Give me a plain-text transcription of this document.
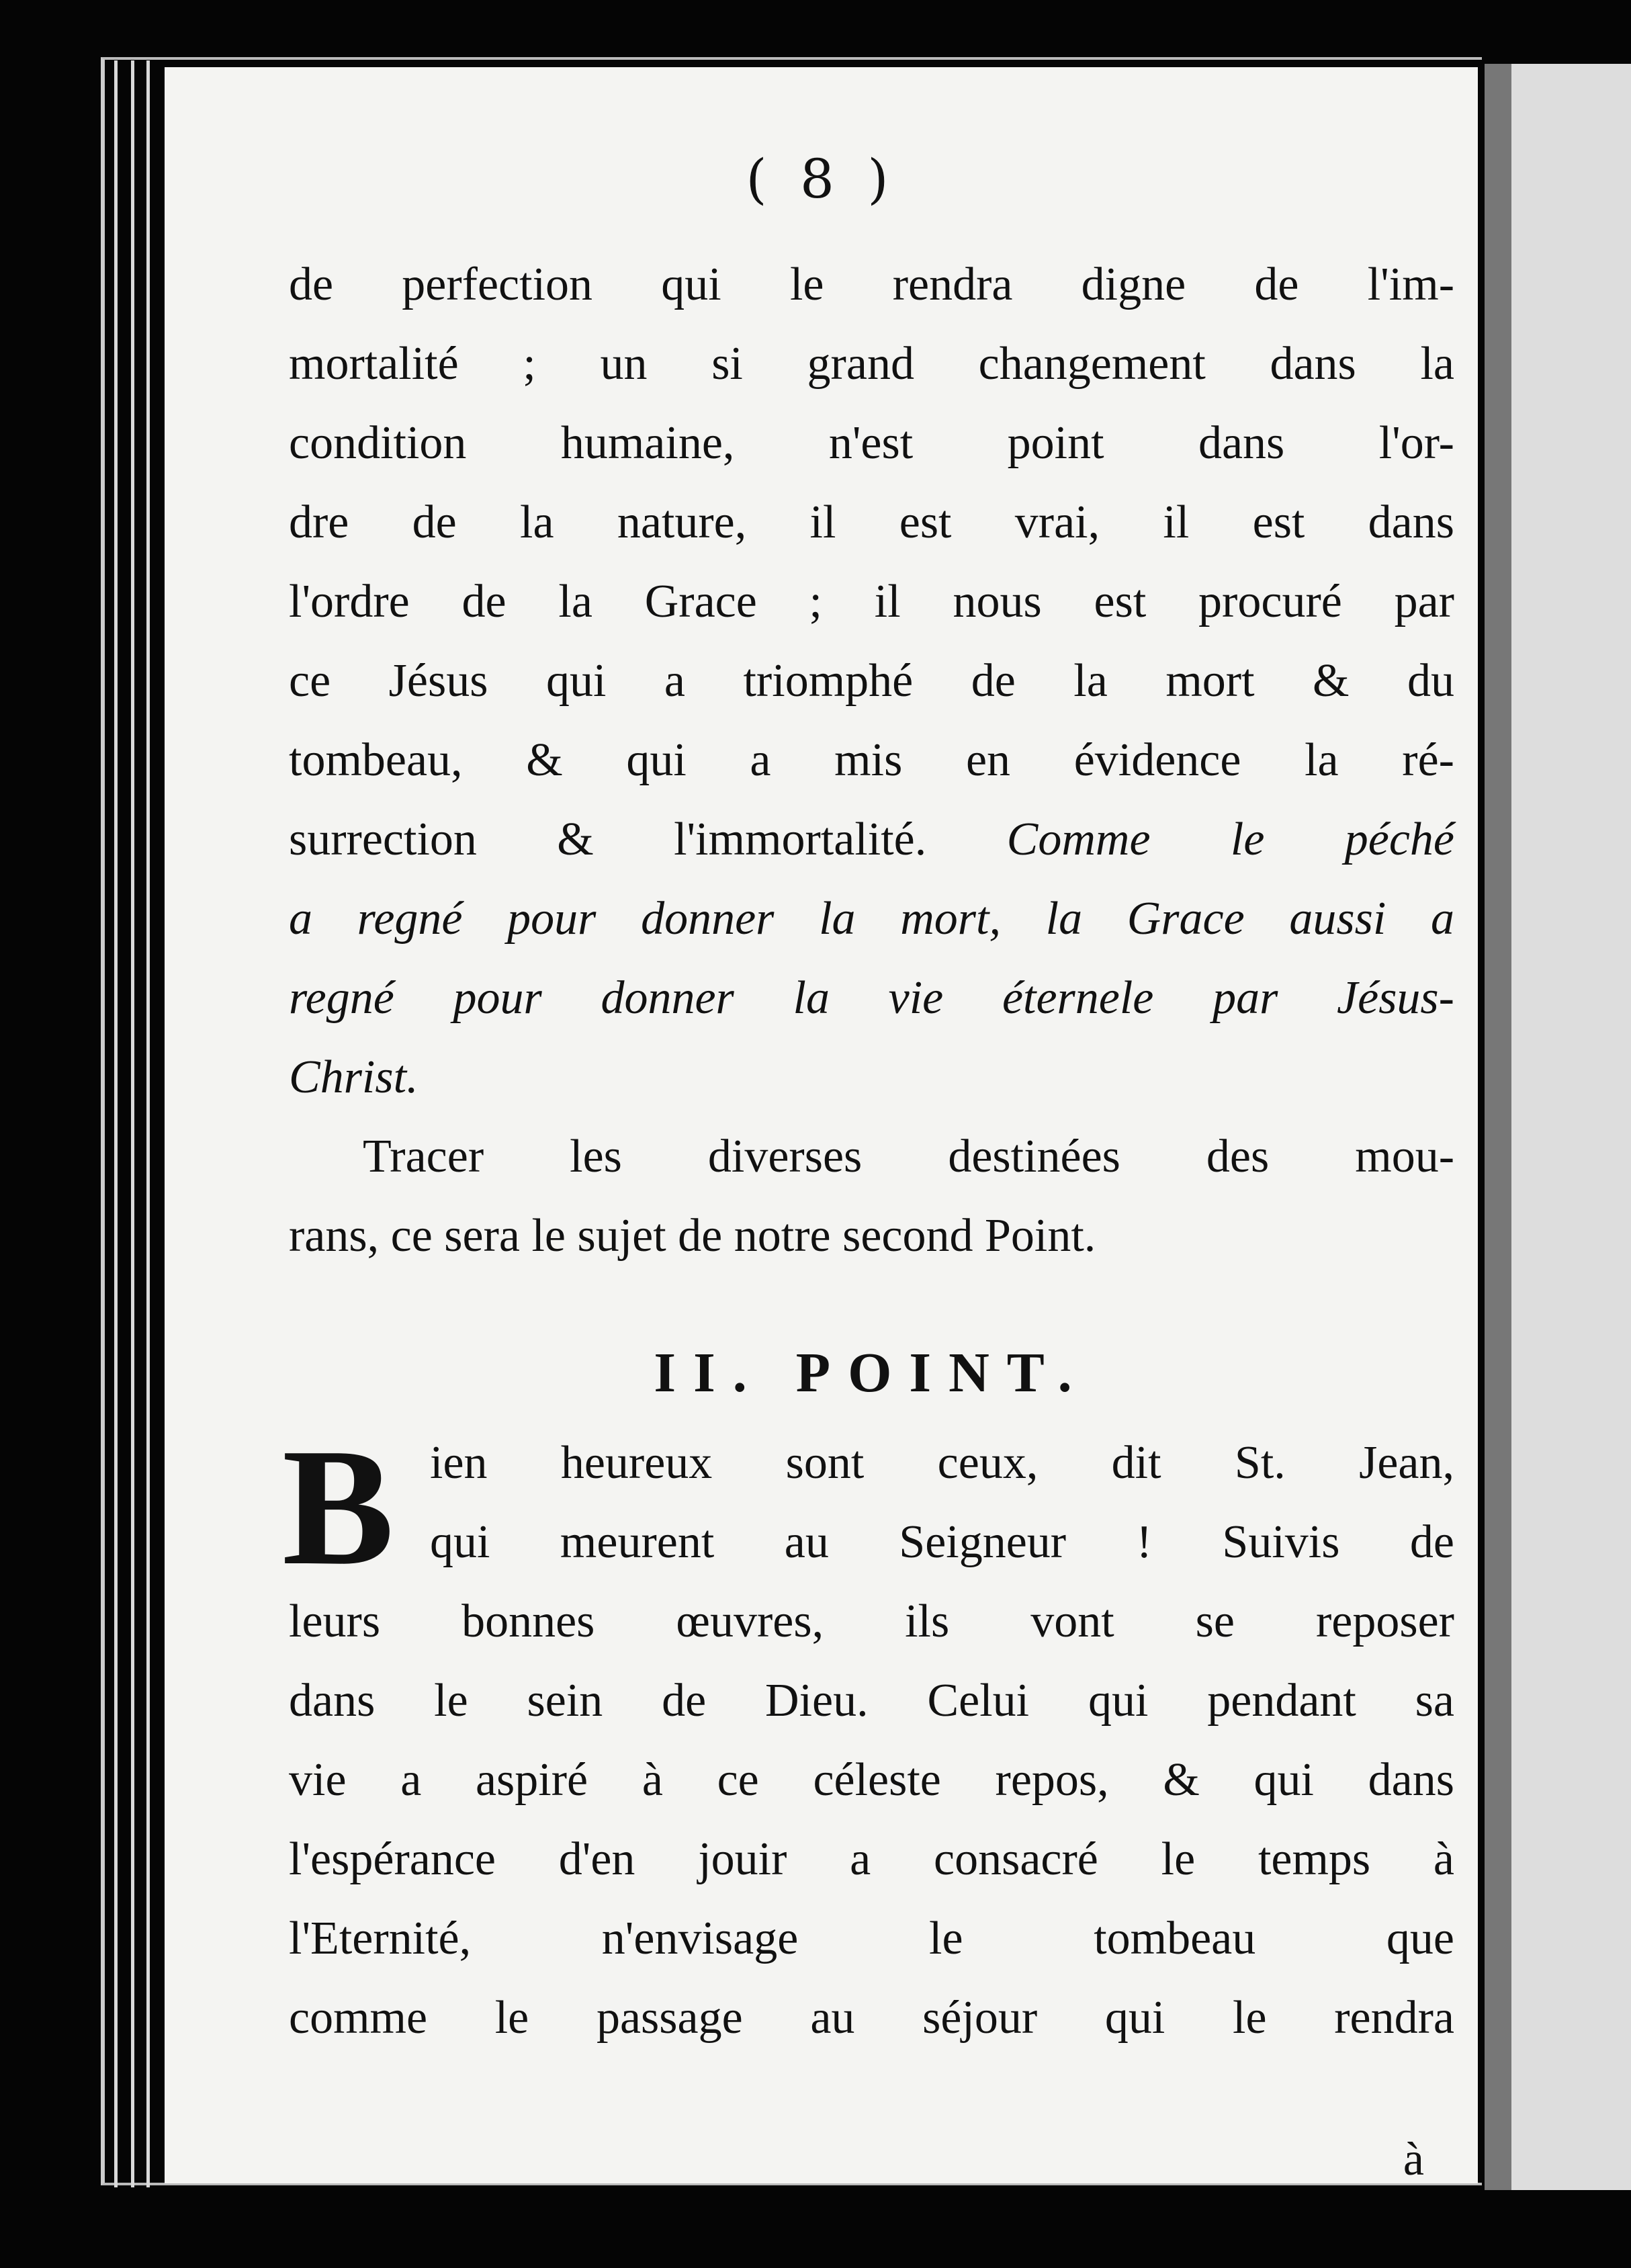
( 8 )
de perfection qui le rendra digne de l'im-
mortalité ; un si grand changement dans la
condition humaine, n'est point dans l'or-
dre de la nature, il est vrai, il est dans
l'ordre de la Grace ; il nous est procuré par
ce Jésus qui a triomphé de la mort & du
tombeau, & qui a mis en évidence la ré-
surrection & l'immortalité. Comme le péché
a regné pour donner la mort, la Grace aussi a
regné pour donner la vie éternele par Jésus-
Christ.
Tracer les diverses destinées des mou-
rans, ce sera le sujet de notre second Point.
II. POINT.
B ien heureux sont ceux, dit St. Jean,
qui meurent au Seigneur ! Suivis de
leurs bonnes œuvres, ils vont se reposer
dans le sein de Dieu. Celui qui pendant sa
vie a aspiré à ce céleste repos, & qui dans
l'espérance d'en jouir a consacré le temps à
l'Eternité, n'envisage le tombeau que
comme le passage au séjour qui le rendra
à
